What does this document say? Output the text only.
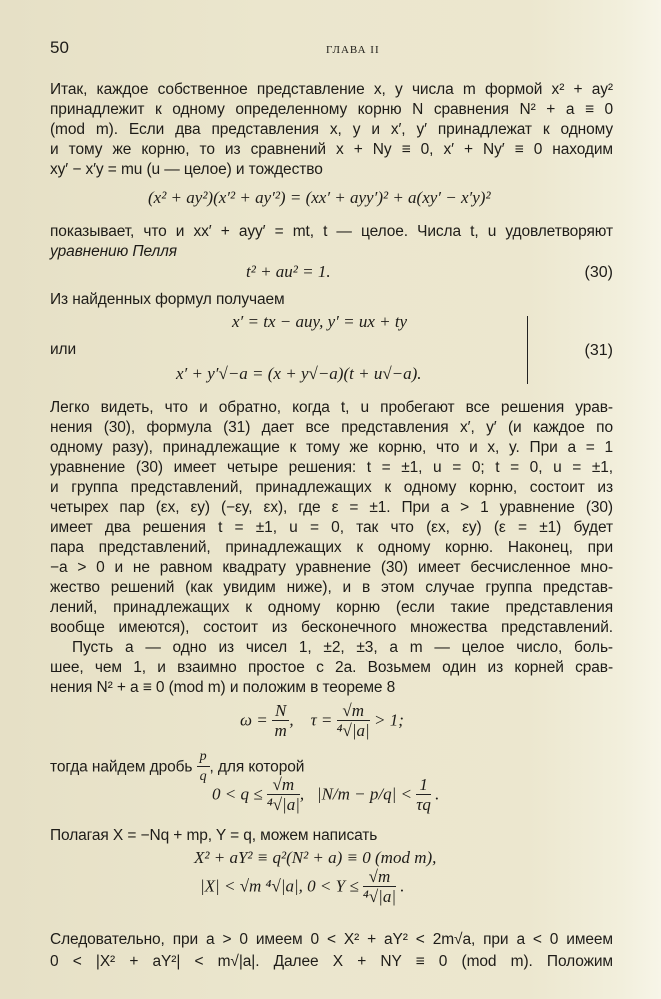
50	ГЛАВА II
Итак, каждое собственное представление x, y числа m формой x² + ay²
принадлежит к одному определенному корню N сравнения N² + a ≡ 0
(mod m). Если два представления x, y и x′, y′ принадлежат к одному
и тому же корню, то из сравнений x + Ny ≡ 0, x′ + Ny′ ≡ 0 находим
xy′ − x′y = mu (u — целое) и тождество
(x² + ay²)(x′² + ay′²) = (xx′ + ayy′)² + a(xy′ − x′y)²
показывает, что и xx′ + ayy′ = mt, t — целое. Числа t, u удовлетворяют
уравнению Пелля
t² + au² = 1.	(30)
Из найденных формул получаем
x′ = tx − auy, y′ = ux + ty
или
x′ + y′√−a = (x + y√−a)(t + u√−a).
(31)
Легко видеть, что и обратно, когда t, u пробегают все решения урав-
нения (30), формула (31) дает все представления x′, y′ (и каждое по
одному разу), принадлежащие к тому же корню, что и x, y. При a = 1
уравнение (30) имеет четыре решения: t = ±1, u = 0; t = 0, u = ±1,
и группа представлений, принадлежащих к одному корню, состоит из
четырех пар (εx, εy) (−εy, εx), где ε = ±1. При a > 1 уравнение (30)
имеет два решения t = ±1, u = 0, так что (εx, εy) (ε = ±1) будет
пара представлений, принадлежащих к одному корню. Наконец, при
−a > 0 и не равном квадрату уравнение (30) имеет бесчисленное мно-
жество решений (как увидим ниже), и в этом случае группа представ-
лений, принадлежащих к одному корню (если такие представления
вообще имеются), состоит из бесконечного множества представлений.
Пусть a — одно из чисел 1, ±2, ±3, a m — целое число, боль-
шее, чем 1, и взаимно простое с 2a. Возьмем один из корней срав-
нения N² + a ≡ 0 (mod m) и положим в теореме 8
$\omega = \frac{N}{m}$ ,    $\tau = \frac{√m}{\text{⁴√|a|}} > 1$;
тогда найдем дробь $\frac{p}{q}$ , для которой
$0 < q \le \frac{√m}{\text{⁴√|a|}}$ ,   $|N/m - p/q| < \frac{1}{\tau q}$ .
Полагая X = −Nq + mp, Y = q, можем написать
X² + aY² ≡ q²(N² + a) ≡ 0 (mod m),
|X| < √m ⁴√|a|, $0 < Y \le \frac{√m}{\text{⁴√|a|}}$ .
Следовательно, при a > 0 имеем 0 < X² + aY² < 2m√a, при a < 0 имеем
0 < |X² + aY²| < m√|a|. Далее X + NY ≡ 0 (mod m). Положим
